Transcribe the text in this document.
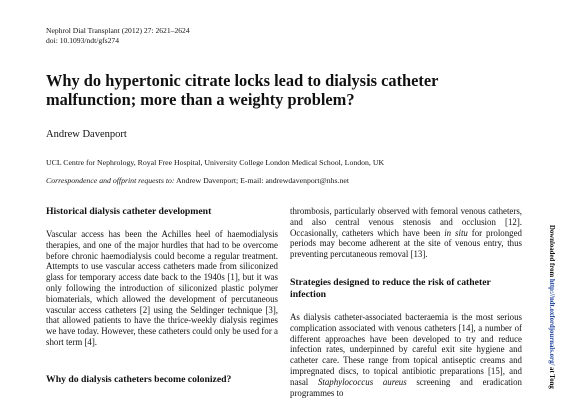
Nephrol Dial Transplant (2012) 27: 2621–2624
doi: 10.1093/ndt/gfs274
Why do hypertonic citrate locks lead to dialysis catheter malfunction; more than a weighty problem?
Andrew Davenport
UCL Centre for Nephrology, Royal Free Hospital, University College London Medical School, London, UK
Correspondence and offprint requests to: Andrew Davenport; E-mail: andrewdavenport@nhs.net
Historical dialysis catheter development

Vascular access has been the Achilles heel of haemodialysis therapies, and one of the major hurdles that had to be overcome before chronic haemodialysis could become a regular treatment. Attempts to use vascular access catheters made from siliconized glass for temporary access date back to the 1940s [1], but it was only following the introduction of siliconized plastic polymer biomaterials, which allowed the development of percutaneous vascular access catheters [2] using the Seldinger technique [3], that allowed patients to have the thrice-weekly dialysis regimes we have today. However, these catheters could only be used for a short term [4].

Why do dialysis catheters become colonized?

thrombosis, particularly observed with femoral venous catheters, and also central venous stenosis and occlusion [12]. Occasionally, catheters which have been in situ for prolonged periods may become adherent at the site of venous entry, thus preventing percutaneous removal [13].

Strategies designed to reduce the risk of catheter infection

As dialysis catheter-associated bacteraemia is the most serious complication associated with venous catheters [14], a number of different approaches have been developed to try and reduce infection rates, underpinned by careful exit site hygiene and catheter care. These range from topical antiseptic creams and impregnated discs, to topical antibiotic preparations [15], and nasal Staphylococcus aureus screening and eradication programmes to

Downloaded from http://ndt.oxfordjournals.org/ at Tong
